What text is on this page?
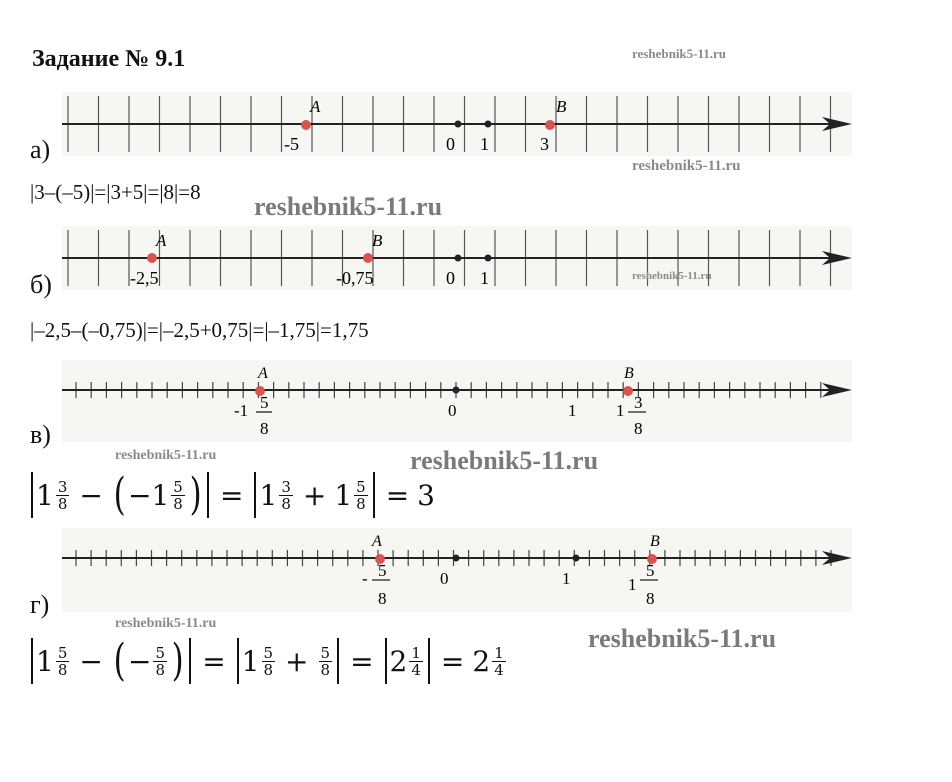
Задание № 9.1	reshebnik5-11.ru
а)
A	B
-5	0 1	3
reshebnik5-11.ru
|3–(–5)|=|3+5|=|8|=8 reshebnik5-11.ru
б)
A	B
-2,5	-0,75	0 1	reshebnik5-11.ru
|–2,5–(–0,75)|=|–2,5+0,75|=|–1,75|=1,75
в)
A	B
-1 5
8
0	1 1 3
8
reshebnik5-11.ru	reshebnik5-11.ru
$1 \frac{3}{8}$ − ( $-1 \frac{5}{8}$ ) = $1 \frac{3}{8} + 1 \frac{5}{8} = 3$
г)
A	B
- 5
8
0	1	1
5
8
reshebnik5-11.ru
reshebnik5-11.ru
$1 \frac{5}{8}$ − ( − $\frac{5}{8}$ ) = $1 \frac{5}{8} + \frac{5}{8} = 2 \frac{1}{4} = 2 \frac{1}{4}$
